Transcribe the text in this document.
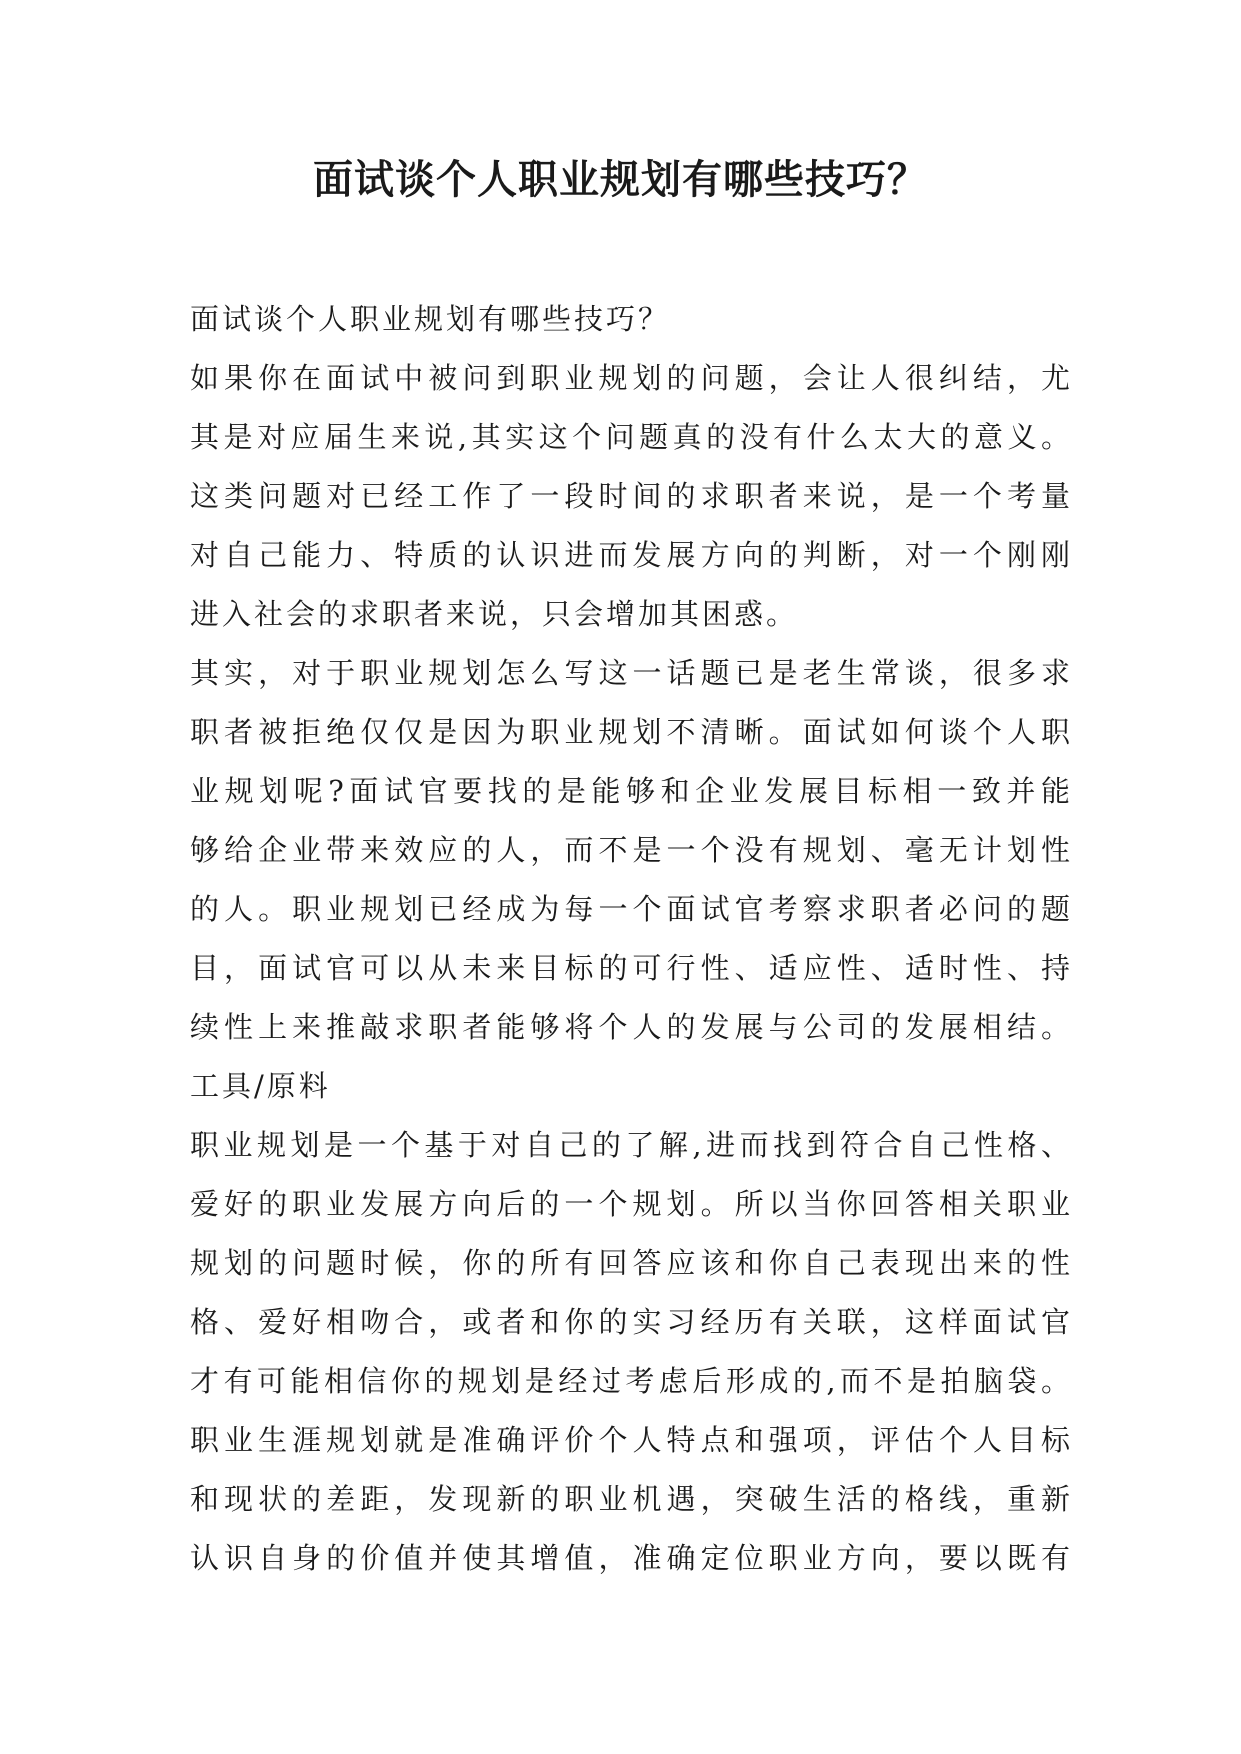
面试谈个人职业规划有哪些技巧？
面试谈个人职业规划有哪些技巧？
如果你在面试中被问到职业规划的问题，会让人很纠结，尤
其是对应届生来说,其实这个问题真的没有什么太大的意义。
这类问题对已经工作了一段时间的求职者来说，是一个考量
对自己能力、特质的认识进而发展方向的判断，对一个刚刚
进入社会的求职者来说，只会增加其困惑。
其实，对于职业规划怎么写这一话题已是老生常谈，很多求
职者被拒绝仅仅是因为职业规划不清晰。面试如何谈个人职
业规划呢?面试官要找的是能够和企业发展目标相一致并能
够给企业带来效应的人，而不是一个没有规划、毫无计划性
的人。职业规划已经成为每一个面试官考察求职者必问的题
目，面试官可以从未来目标的可行性、适应性、适时性、持
续性上来推敲求职者能够将个人的发展与公司的发展相结。
工具/原料
职业规划是一个基于对自己的了解,进而找到符合自己性格、
爱好的职业发展方向后的一个规划。所以当你回答相关职业
规划的问题时候，你的所有回答应该和你自己表现出来的性
格、爱好相吻合，或者和你的实习经历有关联，这样面试官
才有可能相信你的规划是经过考虑后形成的,而不是拍脑袋。
职业生涯规划就是准确评价个人特点和强项，评估个人目标
和现状的差距，发现新的职业机遇，突破生活的格线，重新
认识自身的价值并使其增值，准确定位职业方向，要以既有
